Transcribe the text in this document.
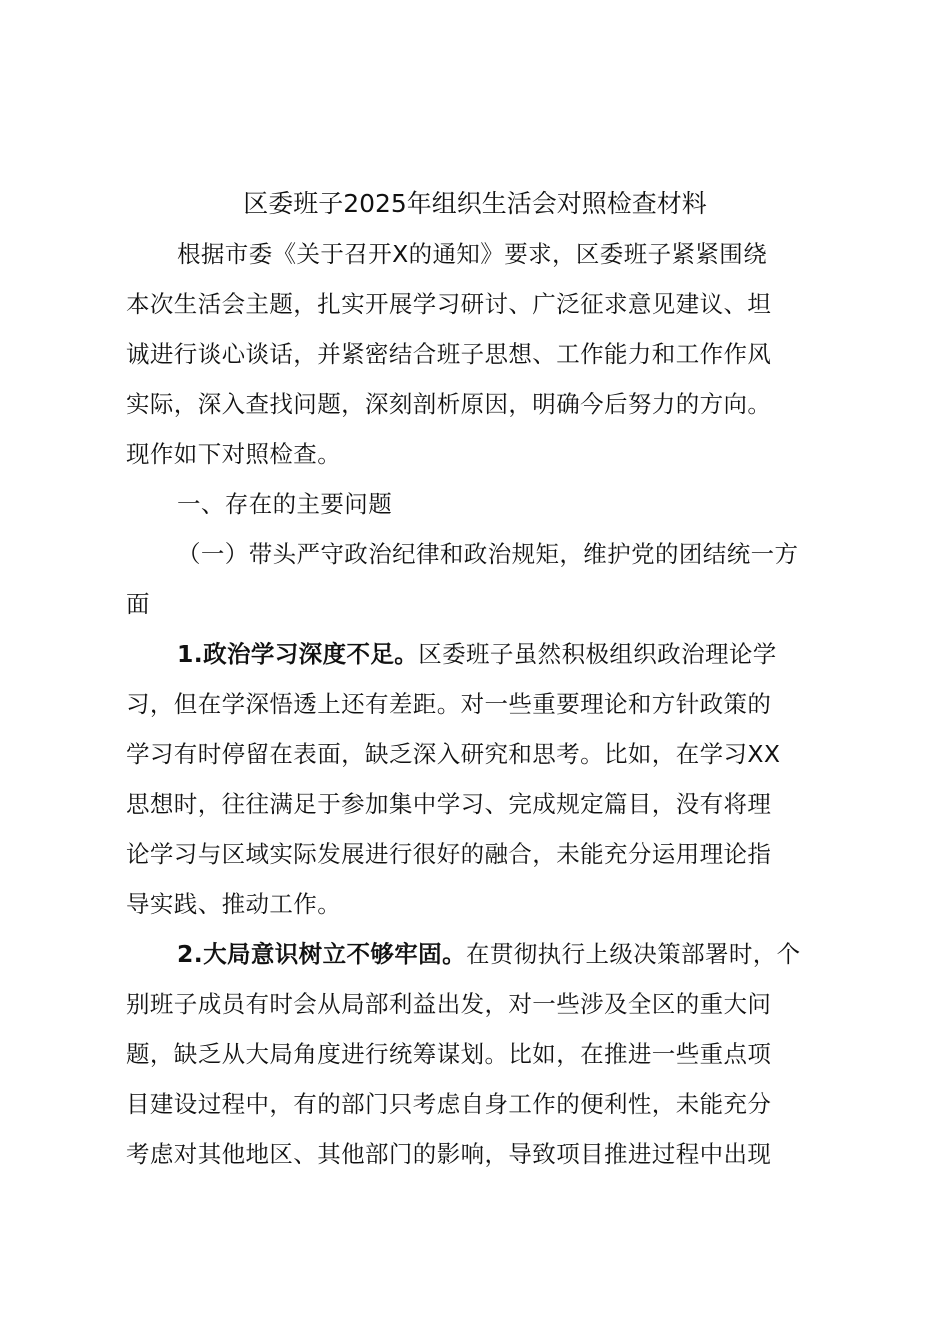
区委班子2025年组织生活会对照检查材料
根据市委《关于召开X的通知》要求，区委班子紧紧围绕
本次生活会主题，扎实开展学习研讨、广泛征求意见建议、坦
诚进行谈心谈话，并紧密结合班子思想、工作能力和工作作风
实际，深入查找问题，深刻剖析原因，明确今后努力的方向。
现作如下对照检查。
一、存在的主要问题
（一）带头严守政治纪律和政治规矩，维护党的团结统一方
面
1.政治学习深度不足。区委班子虽然积极组织政治理论学
习，但在学深悟透上还有差距。对一些重要理论和方针政策的
学习有时停留在表面，缺乏深入研究和思考。比如，在学习XX
思想时，往往满足于参加集中学习、完成规定篇目，没有将理
论学习与区域实际发展进行很好的融合，未能充分运用理论指
导实践、推动工作。
2.大局意识树立不够牢固。在贯彻执行上级决策部署时，个
别班子成员有时会从局部利益出发，对一些涉及全区的重大问
题，缺乏从大局角度进行统筹谋划。比如，在推进一些重点项
目建设过程中，有的部门只考虑自身工作的便利性，未能充分
考虑对其他地区、其他部门的影响，导致项目推进过程中出现
